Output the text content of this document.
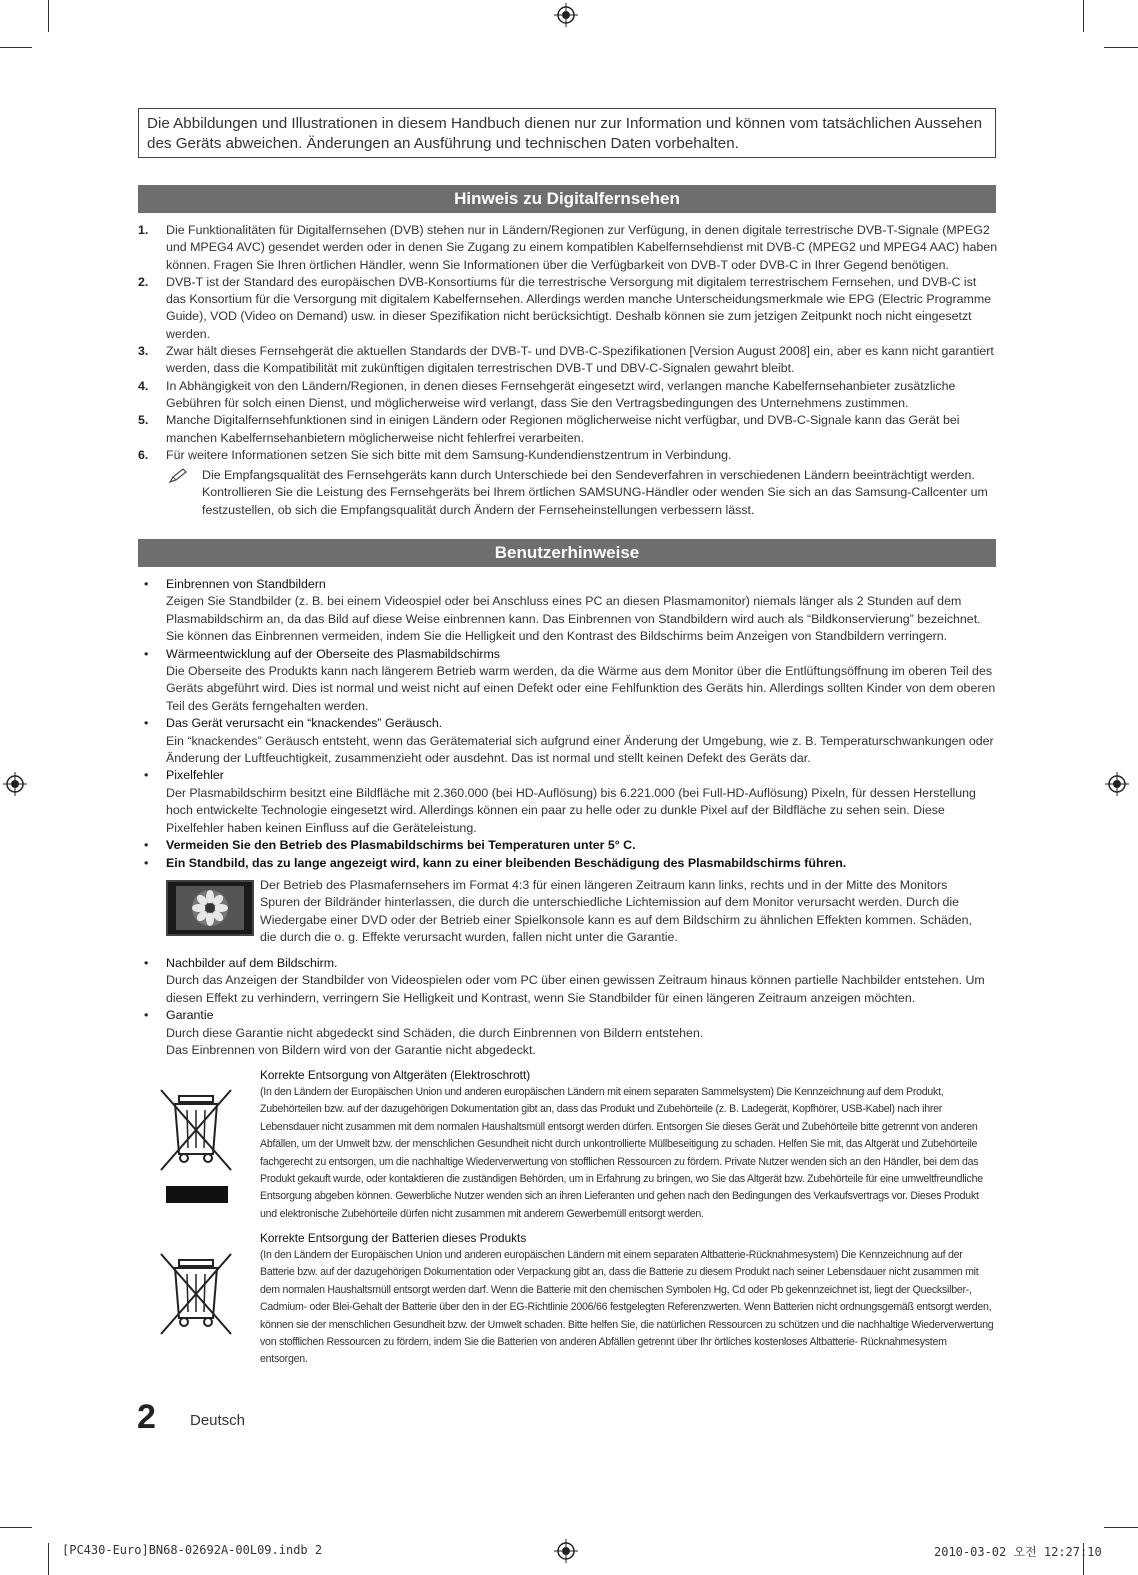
Die Abbildungen und Illustrationen in diesem Handbuch dienen nur zur Information und können vom tatsächlichen Aussehen des Geräts abweichen. Änderungen an Ausführung und technischen Daten vorbehalten.
Hinweis zu Digitalfernsehen
1. Die Funktionalitäten für Digitalfernsehen (DVB) stehen nur in Ländern/Regionen zur Verfügung, in denen digitale terrestrische DVB-T-Signale (MPEG2 und MPEG4 AVC) gesendet werden oder in denen Sie Zugang zu einem kompatiblen Kabelfernsehdienst mit DVB-C (MPEG2 und MPEG4 AAC) haben können. Fragen Sie Ihren örtlichen Händler, wenn Sie Informationen über die Verfügbarkeit von DVB-T oder DVB-C in Ihrer Gegend benötigen.
2. DVB-T ist der Standard des europäischen DVB-Konsortiums für die terrestrische Versorgung mit digitalem terrestrischem Fernsehen, und DVB-C ist das Konsortium für die Versorgung mit digitalem Kabelfernsehen. Allerdings werden manche Unterscheidungsmerkmale wie EPG (Electric Programme Guide), VOD (Video on Demand) usw. in dieser Spezifikation nicht berücksichtigt. Deshalb können sie zum jetzigen Zeitpunkt noch nicht eingesetzt werden.
3. Zwar hält dieses Fernsehgerät die aktuellen Standards der DVB-T- und DVB-C-Spezifikationen [Version August 2008] ein, aber es kann nicht garantiert werden, dass die Kompatibilität mit zukünftigen digitalen terrestrischen DVB-T und DBV-C-Signalen gewahrt bleibt.
4. In Abhängigkeit von den Ländern/Regionen, in denen dieses Fernsehgerät eingesetzt wird, verlangen manche Kabelfernsehanbieter zusätzliche Gebühren für solch einen Dienst, und möglicherweise wird verlangt, dass Sie den Vertragsbedingungen des Unternehmens zustimmen.
5. Manche Digitalfernsehfunktionen sind in einigen Ländern oder Regionen möglicherweise nicht verfügbar, und DVB-C-Signale kann das Gerät bei manchen Kabelfernsehanbietern möglicherweise nicht fehlerfrei verarbeiten.
6. Für weitere Informationen setzen Sie sich bitte mit dem Samsung-Kundendienstzentrum in Verbindung.
Die Empfangsqualität des Fernsehgeräts kann durch Unterschiede bei den Sendeverfahren in verschiedenen Ländern beeinträchtigt werden. Kontrollieren Sie die Leistung des Fernsehgeräts bei Ihrem örtlichen SAMSUNG-Händler oder wenden Sie sich an das Samsung-Callcenter um festzustellen, ob sich die Empfangsqualität durch Ändern der Fernseheinstellungen verbessern lässt.
Benutzerhinweise
• Einbrennen von Standbildern
Zeigen Sie Standbilder (z. B. bei einem Videospiel oder bei Anschluss eines PC an diesen Plasmamonitor) niemals länger als 2 Stunden auf dem Plasmabildschirm an, da das Bild auf diese Weise einbrennen kann. Das Einbrennen von Standbildern wird auch als “Bildkonservierung” bezeichnet. Sie können das Einbrennen vermeiden, indem Sie die Helligkeit und den Kontrast des Bildschirms beim Anzeigen von Standbildern verringern.
• Wärmeentwicklung auf der Oberseite des Plasmabildschirms
Die Oberseite des Produkts kann nach längerem Betrieb warm werden, da die Wärme aus dem Monitor über die Entlüftungsöffnung im oberen Teil des Geräts abgeführt wird. Dies ist normal und weist nicht auf einen Defekt oder eine Fehlfunktion des Geräts hin. Allerdings sollten Kinder von dem oberen Teil des Geräts ferngehalten werden.
• Das Gerät verursacht ein “knackendes” Geräusch.
Ein “knackendes” Geräusch entsteht, wenn das Gerätematerial sich aufgrund einer Änderung der Umgebung, wie z. B. Temperaturschwankungen oder Änderung der Luftfeuchtigkeit, zusammenzieht oder ausdehnt. Das ist normal und stellt keinen Defekt des Geräts dar.
• Pixelfehler
Der Plasmabildschirm besitzt eine Bildfläche mit 2.360.000 (bei HD-Auflösung) bis 6.221.000 (bei Full-HD-Auflösung) Pixeln, für dessen Herstellung hoch entwickelte Technologie eingesetzt wird. Allerdings können ein paar zu helle oder zu dunkle Pixel auf der Bildfläche zu sehen sein. Diese Pixelfehler haben keinen Einfluss auf die Geräteleistung.
• Vermeiden Sie den Betrieb des Plasmabildschirms bei Temperaturen unter 5° C.
• Ein Standbild, das zu lange angezeigt wird, kann zu einer bleibenden Beschädigung des Plasmabildschirms führen.
Der Betrieb des Plasmafernsehers im Format 4:3 für einen längeren Zeitraum kann links, rechts und in der Mitte des Monitors Spuren der Bildränder hinterlassen, die durch die unterschiedliche Lichtemission auf dem Monitor verursacht werden. Durch die Wiedergabe einer DVD oder der Betrieb einer Spielkonsole kann es auf dem Bildschirm zu ähnlichen Effekten kommen. Schäden, die durch die o. g. Effekte verursacht wurden, fallen nicht unter die Garantie.
• Nachbilder auf dem Bildschirm.
Durch das Anzeigen der Standbilder von Videospielen oder vom PC über einen gewissen Zeitraum hinaus können partielle Nachbilder entstehen. Um diesen Effekt zu verhindern, verringern Sie Helligkeit und Kontrast, wenn Sie Standbilder für einen längeren Zeitraum anzeigen möchten.
• Garantie
Durch diese Garantie nicht abgedeckt sind Schäden, die durch Einbrennen von Bildern entstehen.
Das Einbrennen von Bildern wird von der Garantie nicht abgedeckt.
Korrekte Entsorgung von Altgeräten (Elektroschrott)
(In den Ländern der Europäischen Union und anderen europäischen Ländern mit einem separaten Sammelsystem) Die Kennzeichnung auf dem Produkt, Zubehörteilen bzw. auf der dazugehörigen Dokumentation gibt an, dass das Produkt und Zubehörteile (z. B. Ladegerät, Kopfhörer, USB-Kabel) nach ihrer Lebensdauer nicht zusammen mit dem normalen Haushaltsmüll entsorgt werden dürfen. Entsorgen Sie dieses Gerät und Zubehörteile bitte getrennt von anderen Abfällen, um der Umwelt bzw. der menschlichen Gesundheit nicht durch unkontrollierte Müllbeseitigung zu schaden. Helfen Sie mit, das Altgerät und Zubehörteile fachgerecht zu entsorgen, um die nachhaltige Wiederverwertung von stofflichen Ressourcen zu fördern. Private Nutzer wenden sich an den Händler, bei dem das Produkt gekauft wurde, oder kontaktieren die zuständigen Behörden, um in Erfahrung zu bringen, wo Sie das Altgerät bzw. Zubehörteile für eine umweltfreundliche Entsorgung abgeben können. Gewerbliche Nutzer wenden sich an ihren Lieferanten und gehen nach den Bedingungen des Verkaufsvertrags vor. Dieses Produkt und elektronische Zubehörteile dürfen nicht zusammen mit anderem Gewerbemüll entsorgt werden.
Korrekte Entsorgung der Batterien dieses Produkts
(In den Ländern der Europäischen Union und anderen europäischen Ländern mit einem separaten Altbatterie-Rücknahmesystem) Die Kennzeichnung auf der Batterie bzw. auf der dazugehörigen Dokumentation oder Verpackung gibt an, dass die Batterie zu diesem Produkt nach seiner Lebensdauer nicht zusammen mit dem normalen Haushaltsmüll entsorgt werden darf. Wenn die Batterie mit den chemischen Symbolen Hg, Cd oder Pb gekennzeichnet ist, liegt der Quecksilber-, Cadmium- oder Blei-Gehalt der Batterie über den in der EG-Richtlinie 2006/66 festgelegten Referenzwerten. Wenn Batterien nicht ordnungsgemäß entsorgt werden, können sie der menschlichen Gesundheit bzw. der Umwelt schaden. Bitte helfen Sie, die natürlichen Ressourcen zu schützen und die nachhaltige Wiederverwertung von stofflichen Ressourcen zu fördern, indem Sie die Batterien von anderen Abfällen getrennt über Ihr örtliches kostenloses Altbatterie- Rücknahmesystem entsorgen.
2 Deutsch
[PC430-Euro]BN68-02692A-00L09.indb 2	2010-03-02 오전 12:27:10
